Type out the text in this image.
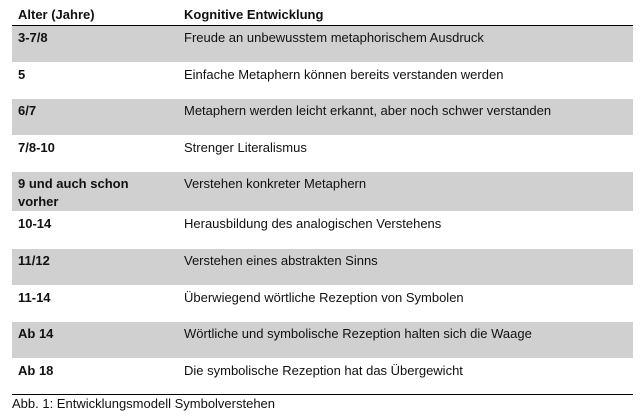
Alter (Jahre)	Kognitive Entwicklung
3-7/8	Freude an unbewusstem metaphorischem Ausdruck
5	Einfache Metaphern können bereits verstanden werden
6/7	Metaphern werden leicht erkannt, aber noch schwer verstanden
7/8-10	Strenger Literalismus
9 und auch schon vorher	Verstehen konkreter Metaphern
10-14	Herausbildung des analogischen Verstehens
11/12	Verstehen eines abstrakten Sinns
11-14	Überwiegend wörtliche Rezeption von Symbolen
Ab 14	Wörtliche und symbolische Rezeption halten sich die Waage
Ab 18	Die symbolische Rezeption hat das Übergewicht
Abb. 1: Entwicklungsmodell Symbolverstehen
